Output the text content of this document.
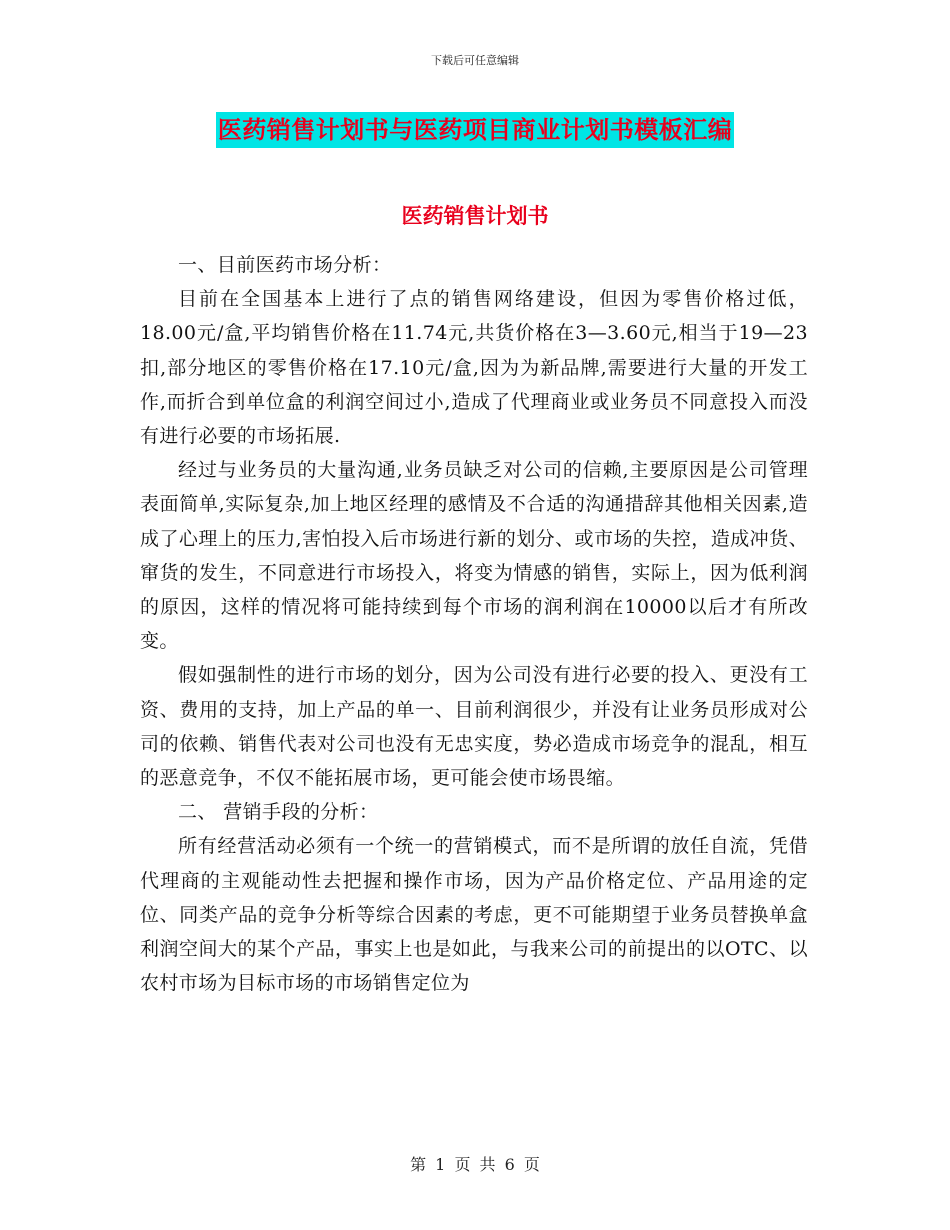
下载后可任意编辑
医药销售计划书与医药项目商业计划书模板汇编
医药销售计划书

一、目前医药市场分析：

目前在全国基本上进行了点的销售网络建设，但因为零售价格过低，18.00元/盒,平均销售价格在11.74元,共货价格在3—3.60元,相当于19—23扣,部分地区的零售价格在17.10元/盒,因为为新品牌,需要进行大量的开发工作,而折合到单位盒的利润空间过小,造成了代理商业或业务员不同意投入而没有进行必要的市场拓展.

经过与业务员的大量沟通,业务员缺乏对公司的信赖,主要原因是公司管理表面简单,实际复杂,加上地区经理的感情及不合适的沟通措辞其他相关因素,造成了心理上的压力,害怕投入后市场进行新的划分、或市场的失控，造成冲货、窜货的发生，不同意进行市场投入，将变为情感的销售，实际上，因为低利润的原因，这样的情况将可能持续到每个市场的润利润在10000以后才有所改变。

假如强制性的进行市场的划分，因为公司没有进行必要的投入、更没有工资、费用的支持，加上产品的单一、目前利润很少，并没有让业务员形成对公司的依赖、销售代表对公司也没有无忠实度，势必造成市场竞争的混乱，相互的恶意竞争，不仅不能拓展市场，更可能会使市场畏缩。

二、 营销手段的分析：

所有经营活动必须有一个统一的营销模式，而不是所谓的放任自流，凭借代理商的主观能动性去把握和操作市场，因为产品价格定位、产品用途的定位、同类产品的竞争分析等综合因素的考虑，更不可能期望于业务员替换单盒利润空间大的某个产品，事实上也是如此，与我来公司的前提出的以OTC、以农村市场为目标市场的市场销售定位为

第 1 页 共 6 页
